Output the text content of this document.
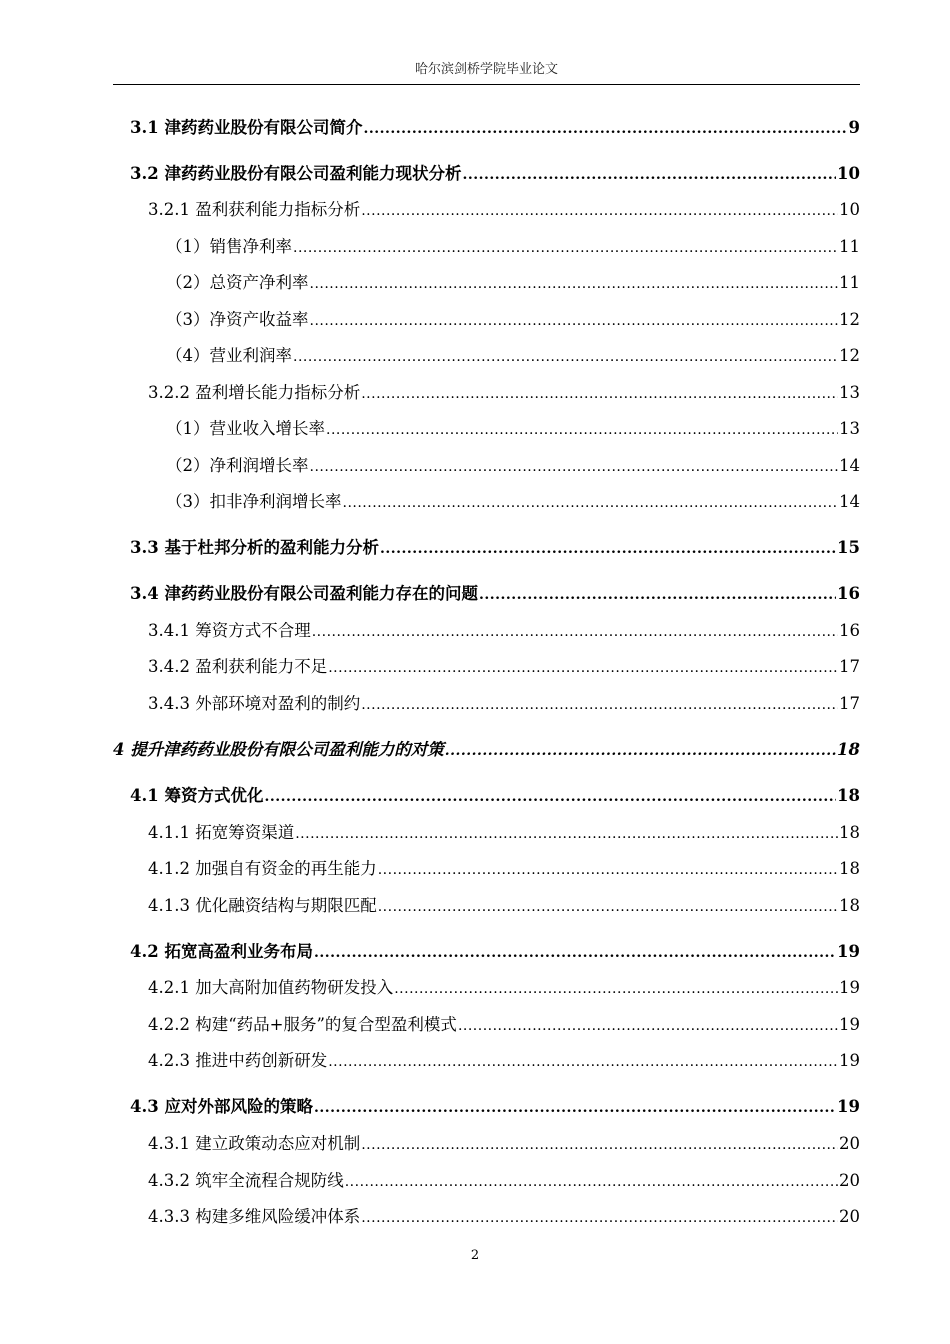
哈尔滨剑桥学院毕业论文
3.1 津药药业股份有限公司简介 .....	9
3.2 津药药业股份有限公司盈利能力现状分析 .....	10
3.2.1 盈利获利能力指标分析 .....	10
（1）销售净利率 .....	11
（2）总资产净利率 .....	11
（3）净资产收益率 .....	12
（4）营业利润率 .....	12
3.2.2 盈利增长能力指标分析 .....	13
（1）营业收入增长率 .....	13
（2）净利润增长率 .....	14
（3）扣非净利润增长率 .....	14
3.3 基于杜邦分析的盈利能力分析 .....	15
3.4 津药药业股份有限公司盈利能力存在的问题 .....	16
3.4.1 筹资方式不合理 .....	16
3.4.2 盈利获利能力不足 .....	17
3.4.3 外部环境对盈利的制约 .....	17
4 提升津药药业股份有限公司盈利能力的对策 .....	18
4.1 筹资方式优化 .....	18
4.1.1 拓宽筹资渠道 .....	18
4.1.2 加强自有资金的再生能力 .....	18
4.1.3 优化融资结构与期限匹配 .....	18
4.2 拓宽高盈利业务布局 .....	19
4.2.1 加大高附加值药物研发投入 .....	19
4.2.2 构建“药品+服务”的复合型盈利模式 .....	19
4.2.3 推进中药创新研发 .....	19
4.3 应对外部风险的策略 .....	19
4.3.1 建立政策动态应对机制 .....	20
4.3.2 筑牢全流程合规防线 .....	20
4.3.3 构建多维风险缓冲体系 .....	20
2
